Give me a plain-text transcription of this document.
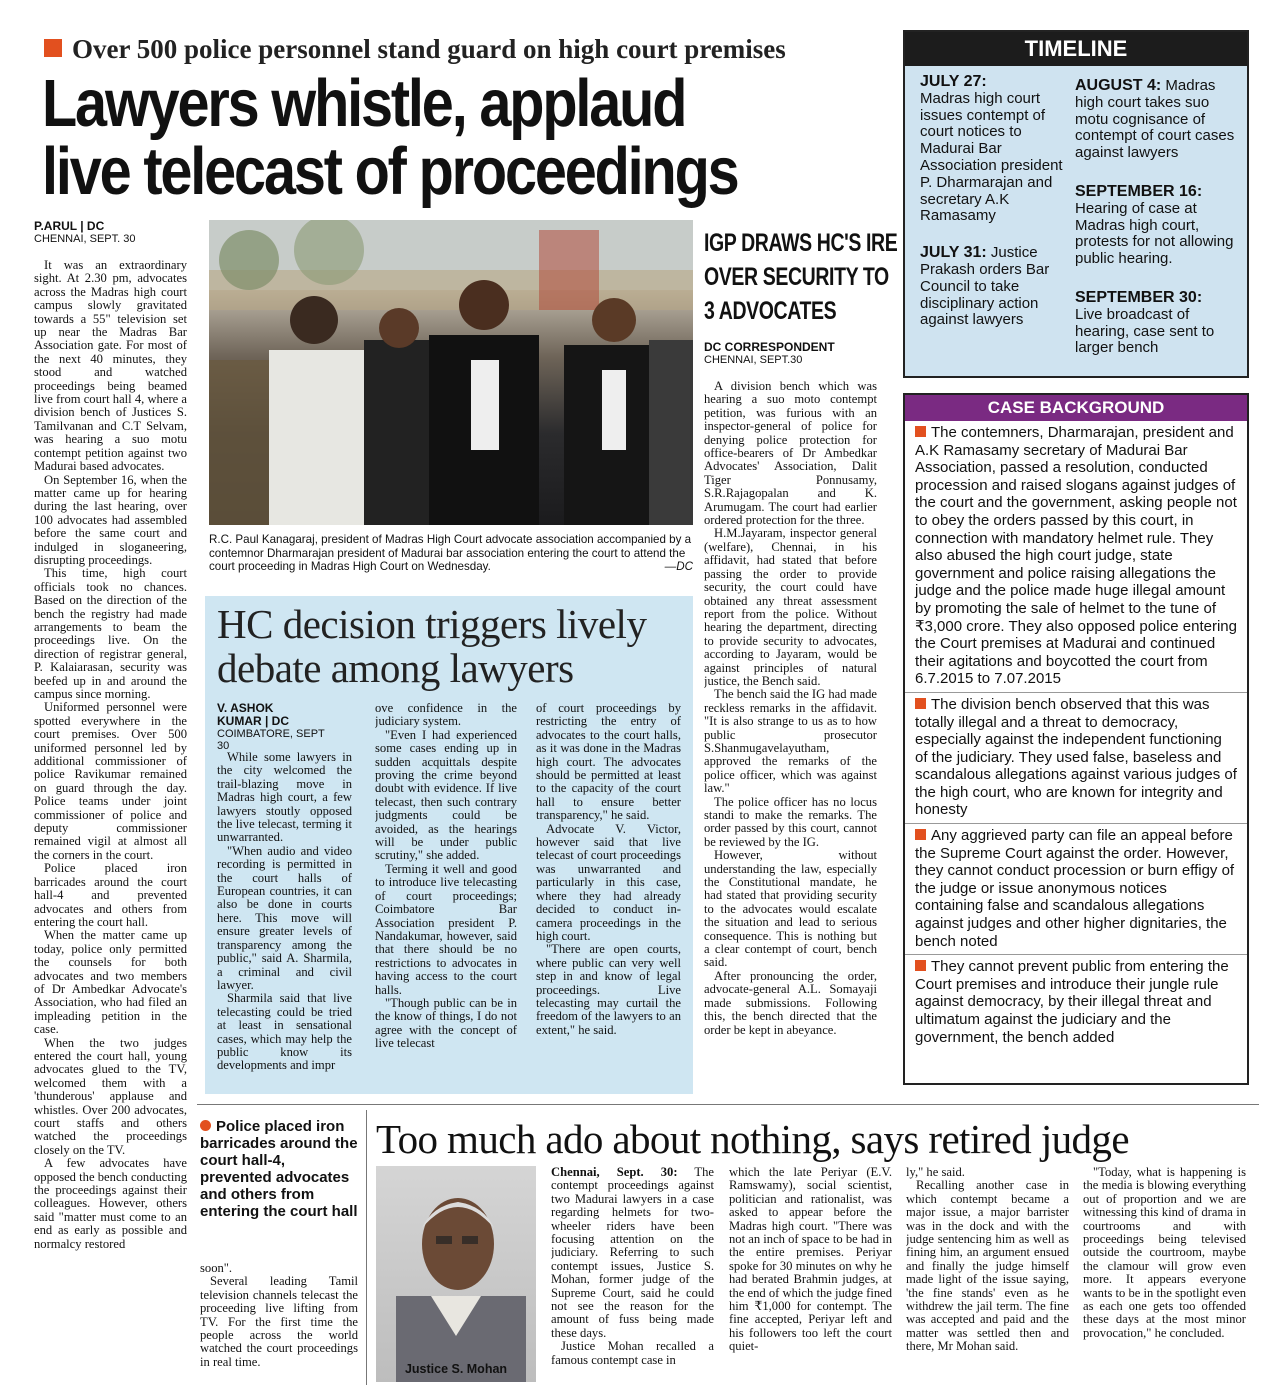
Over 500 police personnel stand guard on high court premises
Lawyers whistle, applaud
live telecast of proceedings
P.ARUL | DC
CHENNAI, SEPT. 30

It was an extraordinary sight. At 2.30 pm, advocates across the Madras high court campus slowly gravitated towards a 55" television set up near the Madras Bar Association gate. For most of the next 40 minutes, they stood and watched proceedings being beamed live from court hall 4, where a division bench of Justices S. Tamilvanan and C.T Selvam, was hearing a suo motu contempt petition against two Madurai based advocates.

On September 16, when the matter came up for hearing during the last hearing, over 100 advocates had assembled before the same court and indulged in sloganeering, disrupting proceedings.

This time, high court officials took no chances. Based on the direction of the bench the registry had made arrangements to beam the proceedings live. On the direction of registrar general, P. Kalaiarasan, security was beefed up in and around the campus since morning.

Uniformed personnel were spotted everywhere in the court premises. Over 500 uniformed personnel led by additional commissioner of police Ravikumar remained on guard through the day. Police teams under joint commissioner of police and deputy commissioner remained vigil at almost all the corners in the court.

Police placed iron barricades around the court hall-4 and prevented advocates and others from entering the court hall.

When the matter came up today, police only permitted the counsels for both advocates and two members of Dr Ambedkar Advocate's Association, who had filed an impleading petition in the case.

When the two judges entered the court hall, young advocates glued to the TV, welcomed them with a 'thunderous' applause and whistles. Over 200 advocates, court staffs and others watched the proceedings closely on the TV.

A few advocates have opposed the bench conducting the proceedings against their colleagues. However, others said "matter must come to an end as early as possible and normalcy restored

R.C. Paul Kanagaraj, president of Madras High Court advocate association accompanied by a contemnor Dharmarajan president of Madurai bar association entering the court to attend the court proceeding in Madras High Court on Wednesday.	—DC
HC decision triggers lively
debate among lawyers
V. ASHOK
KUMAR | DC
COIMBATORE, SEPT 30

While some lawyers in the city welcomed the trail-blazing move in Madras high court, a few lawyers stoutly opposed the live telecast, terming it unwarranted.

"When audio and video recording is permitted in the court halls of European countries, it can also be done in courts here. This move will ensure greater levels of transparency among the public," said A. Sharmila, a criminal and civil lawyer.

Sharmila said that live telecasting could be tried at least in sensational cases, which may help the public know its developments and impr

ove confidence in the judiciary system.

"Even I had experienced some cases ending up in sudden acquittals despite proving the crime beyond doubt with evidence. If live telecast, then such contrary judgments could be avoided, as the hearings will be under public scrutiny," she added.

Terming it well and good to introduce live telecasting of court proceedings; Coimbatore Bar Association president P. Nandakumar, however, said that there should be no restrictions to advocates in having access to the court halls.

"Though public can be in the know of things, I do not agree with the concept of live telecast

of court proceedings by restricting the entry of advocates to the court halls, as it was done in the Madras high court. The advocates should be permitted at least to the capacity of the court hall to ensure better transparency," he said.

Advocate V. Victor, however said that live telecast of court proceedings was unwarranted and particularly in this case, where they had already decided to conduct in-camera proceedings in the high court.

"There are open courts, where public can very well step in and know of legal proceedings. Live telecasting may curtail the freedom of the lawyers to an extent," he said.

IGP DRAWS HC'S IRE
OVER SECURITY TO
3 ADVOCATES
DC CORRESPONDENT
CHENNAI, SEPT.30

A division bench which was hearing a suo moto contempt petition, was furious with an inspector-general of police for denying police protection for office-bearers of Dr Ambedkar Advocates' Association, Dalit Tiger Ponnusamy, S.R.Rajagopalan and K. Arumugam. The court had earlier ordered protection for the three.

H.M.Jayaram, inspector general (welfare), Chennai, in his affidavit, had stated that before passing the order to provide security, the court could have obtained any threat assessment report from the police. Without hearing the department, directing to provide security to advocates, according to Jayaram, would be against principles of natural justice, the Bench said.

The bench said the IG had made reckless remarks in the affidavit. "It is also strange to us as to how public prosecutor S.Shanmugavelayutham, approved the remarks of the police officer, which was against law."

The police officer has no locus standi to make the remarks. The order passed by this court, cannot be reviewed by the IG.

However, without understanding the law, especially the Constitutional mandate, he had stated that providing security to the advocates would escalate the situation and lead to serious consequence. This is nothing but a clear contempt of court, bench said.

After pronouncing the order, advocate-general A.L. Somayaji made submissions. Following this, the bench directed that the order be kept in abeyance.

TIMELINE
JULY 27:
Madras high court issues contempt of court notices to Madurai Bar Association president P. Dharmarajan and secretary A.K Ramasamy
JULY 31: Justice Prakash orders Bar Council to take disciplinary action against lawyers
AUGUST 4: Madras high court takes suo motu cognisance of contempt of court cases against lawyers
SEPTEMBER 16:
Hearing of case at Madras high court, protests for not allowing public hearing.
SEPTEMBER 30:
Live broadcast of hearing, case sent to larger bench
CASE BACKGROUND
The contemners, Dharmarajan, president and A.K Ramasamy secretary of Madurai Bar Association, passed a resolution, conducted procession and raised slogans against judges of the court and the government, asking people not to obey the orders passed by this court, in connection with mandatory helmet rule. They also abused the high court judge, state government and police raising allegations the judge and the police made huge illegal amount by promoting the sale of helmet to the tune of ₹3,000 crore. They also opposed police entering the Court premises at Madurai and continued their agitations and boycotted the court from 6.7.2015 to 7.07.2015
The division bench observed that this was totally illegal and a threat to democracy, especially against the independent functioning of the judiciary. They used false, baseless and scandalous allegations against various judges of the high court, who are known for integrity and honesty
Any aggrieved party can file an appeal before the Supreme Court against the order. However, they cannot conduct procession or burn effigy of the judge or issue anonymous notices containing false and scandalous allegations against judges and other higher dignitaries, the bench noted
They cannot prevent public from entering the Court premises and introduce their jungle rule against democracy, by their illegal threat and ultimatum against the judiciary and the government, the bench added
Police placed iron barricades around the court hall-4, prevented advocates and others from entering the court hall

soon".

Several leading Tamil television channels telecast the proceeding live lifting from TV. For the first time the people across the world watched the court proceedings in real time.

Too much ado about nothing, says retired judge
Justice S. Mohan

Chennai, Sept. 30: The contempt proceedings against two Madurai lawyers in a case regarding helmets for two-wheeler riders have been focusing attention on the judiciary. Referring to such contempt issues, Justice S. Mohan, former judge of the Supreme Court, said he could not see the reason for the amount of fuss being made these days.

Justice Mohan recalled a famous contempt case in

which the late Periyar (E.V. Ramswamy), social scientist, politician and rationalist, was asked to appear before the Madras high court. "There was not an inch of space to be had in the entire premises. Periyar spoke for 30 minutes on why he had berated Brahmin judges, at the end of which the judge fined him ₹1,000 for contempt. The fine accepted, Periyar left and his followers too left the court quiet-

ly," he said.

Recalling another case in which contempt became a major issue, a major barrister was in the dock and with the judge sentencing him as well as fining him, an argument ensued and finally the judge himself made light of the issue saying, 'the fine stands' even as he withdrew the jail term. The fine was accepted and paid and the matter was settled then and there, Mr Mohan said.

"Today, what is happening is the media is blowing everything out of proportion and we are witnessing this kind of drama in courtrooms and with proceedings being televised outside the courtroom, maybe the clamour will grow even more. It appears everyone wants to be in the spotlight even as each one gets too offended these days at the most minor provocation," he concluded.
